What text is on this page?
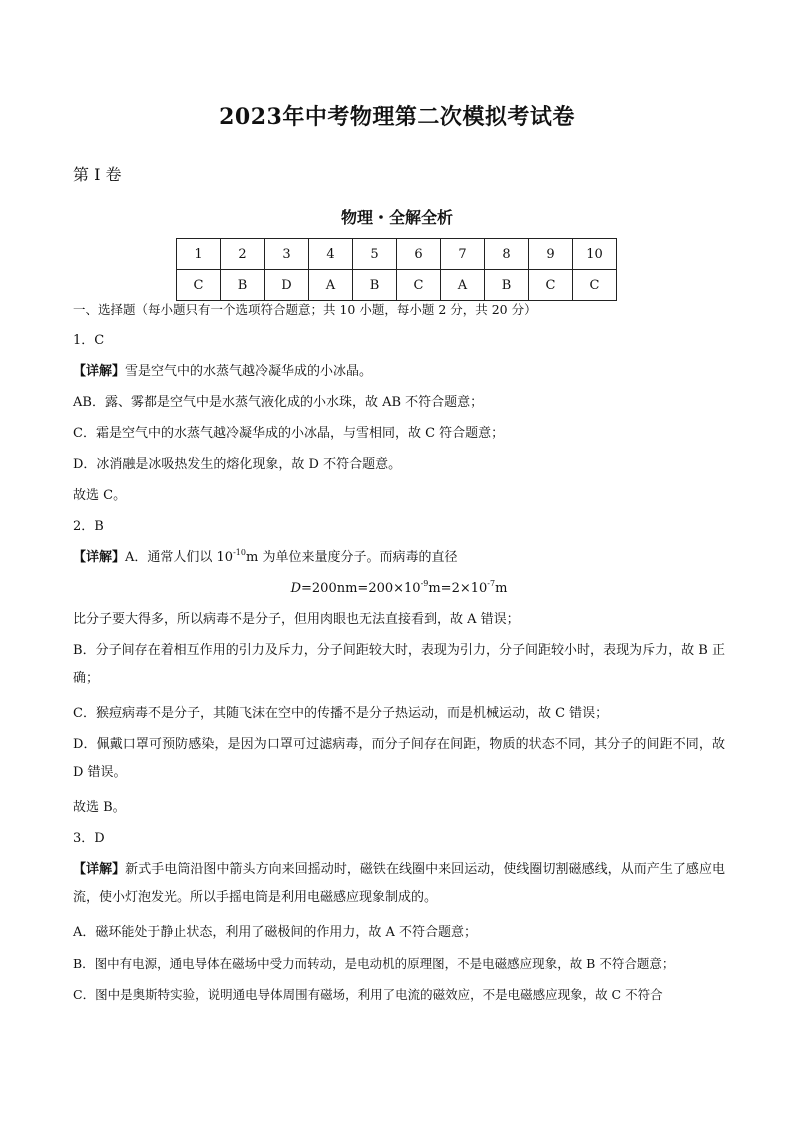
2023年中考物理第二次模拟考试卷
第 I 卷
物理・全解全析
1	2	3	4	5	6	7	8	9	10
C	B	D	A	B	C	A	B	C	C
一、选择题（每小题只有一个选项符合题意；共 10 小题，每小题 2 分，共 20 分）
1．C
【详解】雪是空气中的水蒸气越冷凝华成的小冰晶。
AB．露、雾都是空气中是水蒸气液化成的小水珠，故 AB 不符合题意；
C．霜是空气中的水蒸气越冷凝华成的小冰晶，与雪相同，故 C 符合题意；
D．冰消融是冰吸热发生的熔化现象，故 D 不符合题意。
故选 C。
2．B
【详解】A．通常人们以 $10^{-10}m$ 为单位来量度分子。而病毒的直径
$D=200nm=200\times 10^{-9}m=2\times 10^{-7}m$
比分子要大得多，所以病毒不是分子，但用肉眼也无法直接看到，故 A 错误；
B．分子间存在着相互作用的引力及斥力，分子间距较大时，表现为引力，分子间距较小时，表现为斥力，故 B 正确；
C．猴痘病毒不是分子，其随飞沫在空中的传播不是分子热运动，而是机械运动，故 C 错误；
D．佩戴口罩可预防感染，是因为口罩可过滤病毒，而分子间存在间距，物质的状态不同，其分子的间距不同，故 D 错误。
故选 B。
3．D
【详解】新式手电筒沿图中箭头方向来回摇动时，磁铁在线圈中来回运动，使线圈切割磁感线，从而产生了感应电流，使小灯泡发光。所以手摇电筒是利用电磁感应现象制成的。
A．磁环能处于静止状态，利用了磁极间的作用力，故 A 不符合题意；
B．图中有电源，通电导体在磁场中受力而转动，是电动机的原理图，不是电磁感应现象，故 B 不符合题意；
C．图中是奥斯特实验，说明通电导体周围有磁场，利用了电流的磁效应，不是电磁感应现象，故 C 不符合
